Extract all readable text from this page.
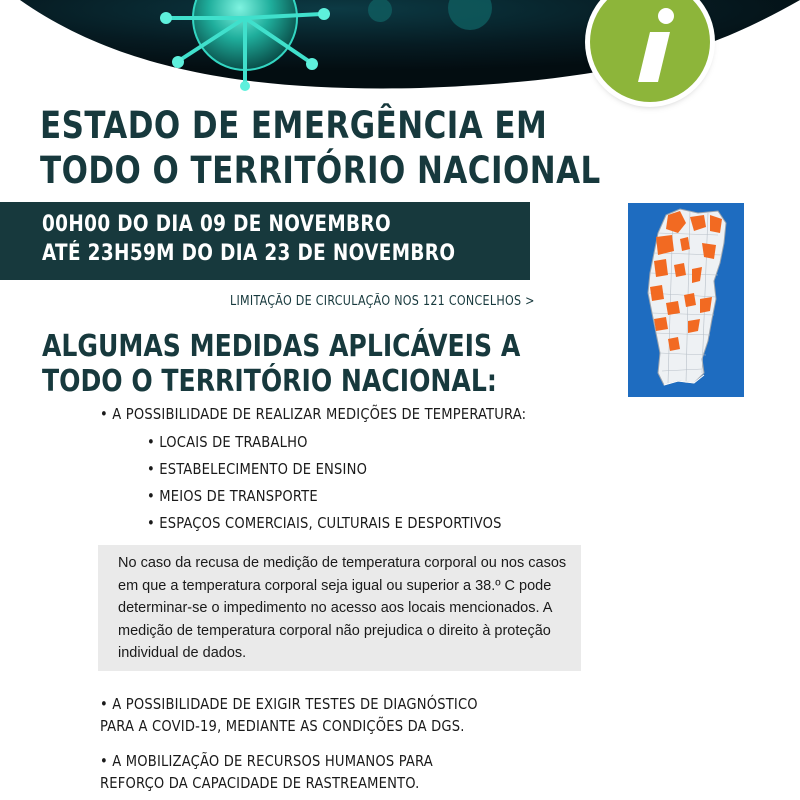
ESTADO DE EMERGÊNCIA EM
TODO O TERRITÓRIO NACIONAL
00H00 DO DIA 09 DE NOVEMBRO
ATÉ 23H59M DO DIA 23 DE NOVEMBRO
LIMITAÇÃO DE CIRCULAÇÃO NOS 121 CONCELHOS >
ALGUMAS MEDIDAS APLICÁVEIS A
TODO O TERRITÓRIO NACIONAL:
• A POSSIBILIDADE DE REALIZAR MEDIÇÕES DE TEMPERATURA:
• LOCAIS DE TRABALHO
• ESTABELECIMENTO DE ENSINO
• MEIOS DE TRANSPORTE
• ESPAÇOS COMERCIAIS, CULTURAIS E DESPORTIVOS

No caso da recusa de medição de temperatura corporal ou nos casos em que a temperatura corporal seja igual ou superior a 38.º C pode determinar-se o impedimento no acesso aos locais mencionados. A medição de temperatura corporal não prejudica o direito à proteção individual de dados.

• A POSSIBILIDADE DE EXIGIR TESTES DE DIAGNÓSTICO
PARA A COVID-19, MEDIANTE AS CONDIÇÕES DA DGS.
• A MOBILIZAÇÃO DE RECURSOS HUMANOS PARA
REFORÇO DA CAPACIDADE DE RASTREAMENTO.
